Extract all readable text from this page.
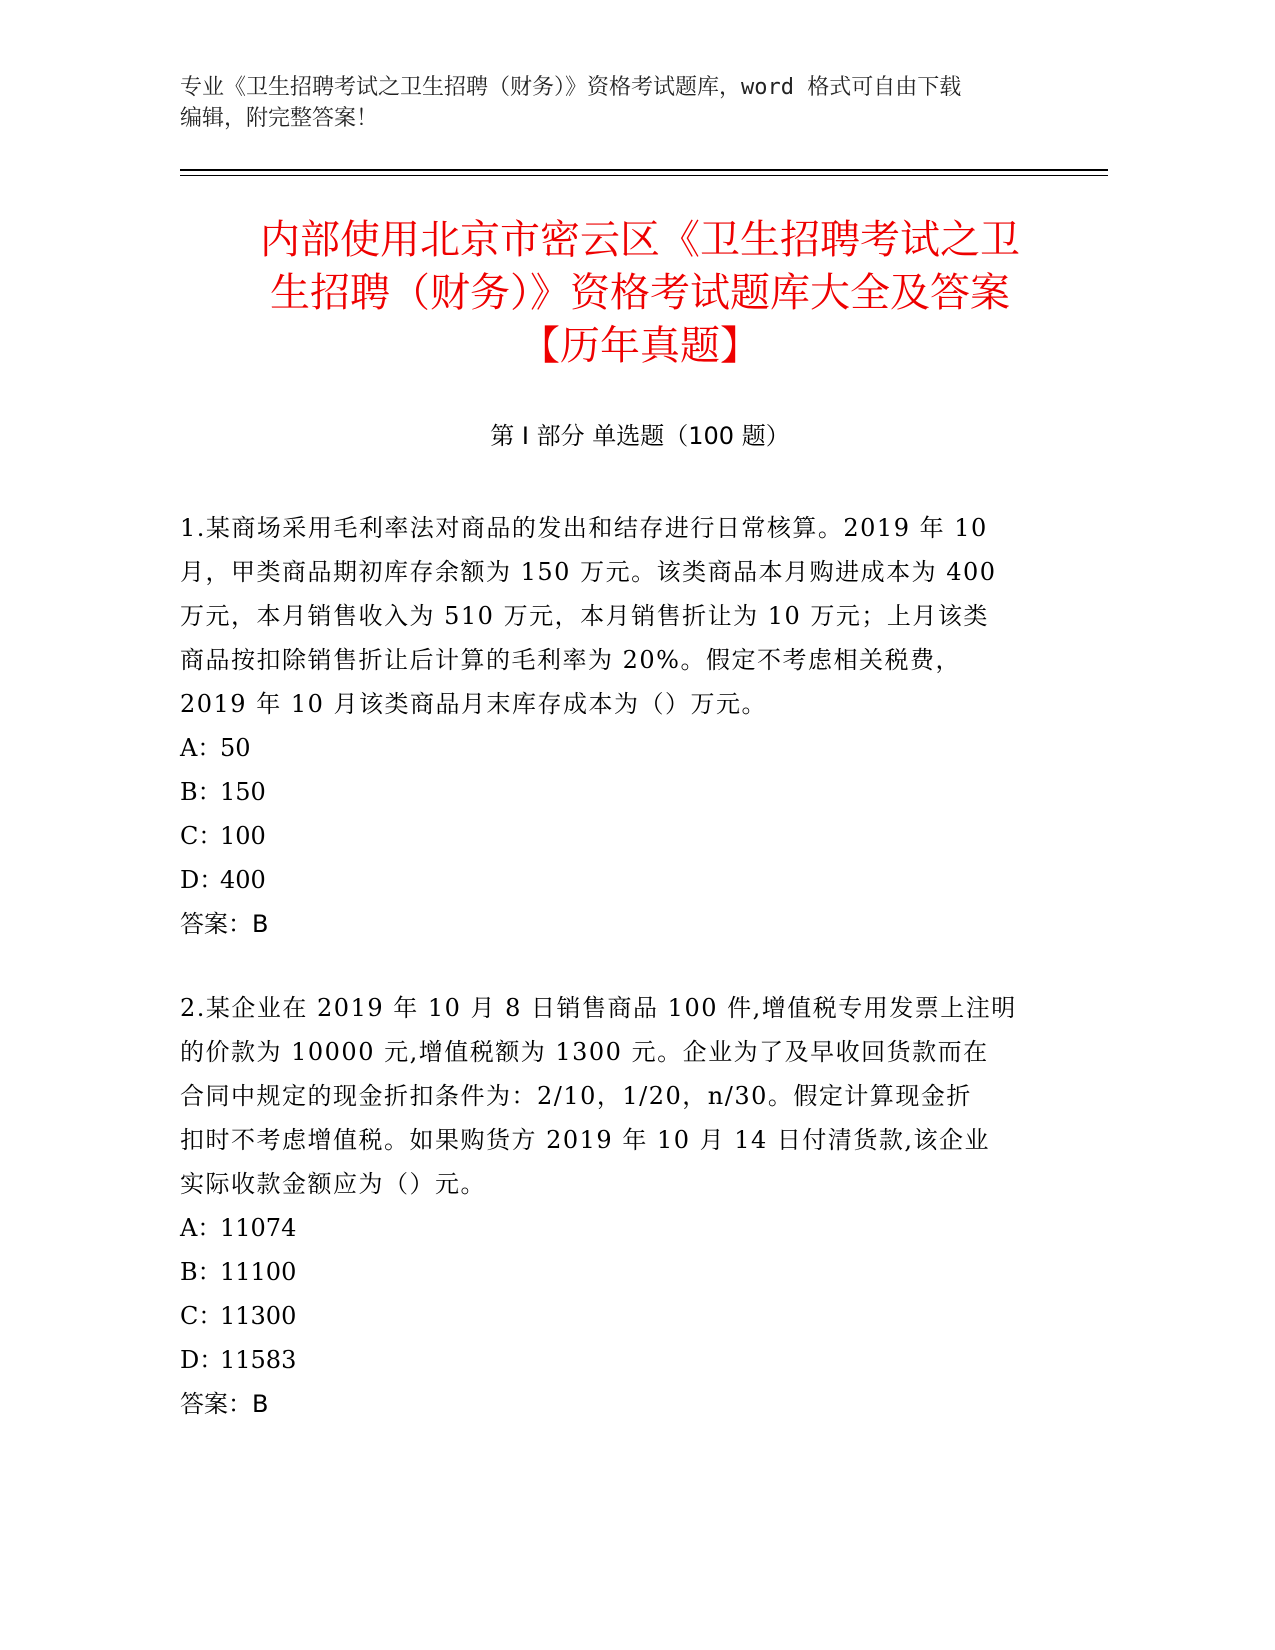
专业《卫生招聘考试之卫生招聘（财务）》资格考试题库，word 格式可自由下载

编辑，附完整答案！

内部使用北京市密云区《卫生招聘考试之卫
生招聘（财务）》资格考试题库大全及答案
【历年真题】
第 I 部分 单选题（100 题）
1.某商场采用毛利率法对商品的发出和结存进行日常核算。2019 年 10
月，甲类商品期初库存余额为 150 万元。该类商品本月购进成本为 400
万元，本月销售收入为 510 万元，本月销售折让为 10 万元；上月该类
商品按扣除销售折让后计算的毛利率为 20%。假定不考虑相关税费，
2019 年 10 月该类商品月末库存成本为（）万元。

A：50

B：150

C：100

D：400

答案：B

2.某企业在 2019 年 10 月 8 日销售商品 100 件,增值税专用发票上注明
的价款为 10000 元,增值税额为 1300 元。企业为了及早收回货款而在
合同中规定的现金折扣条件为：2/10，1/20，n/30。假定计算现金折
扣时不考虑增值税。如果购货方 2019 年 10 月 14 日付清货款,该企业
实际收款金额应为（）元。

A：11074

B：11100

C：11300

D：11583

答案：B
